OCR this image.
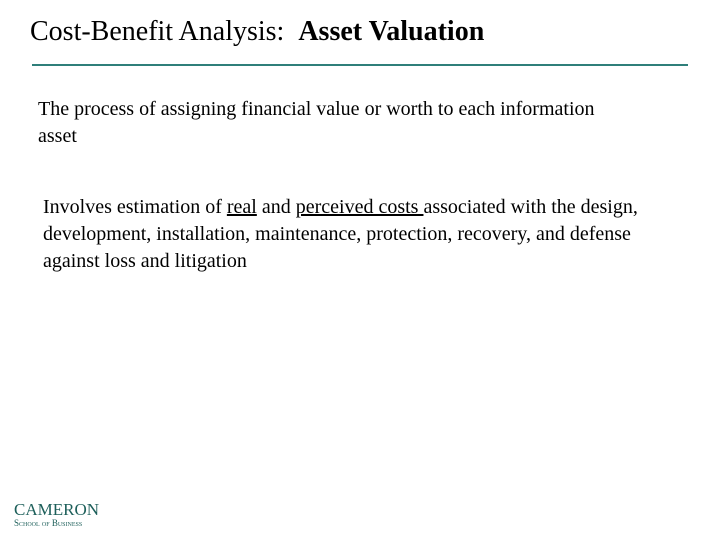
Cost-Benefit Analysis:  Asset Valuation
The process of assigning financial value or worth to each information asset
Involves estimation of real and perceived costs associated with the design, development, installation, maintenance, protection, recovery, and defense against loss and litigation
CAMERON
School of Business
